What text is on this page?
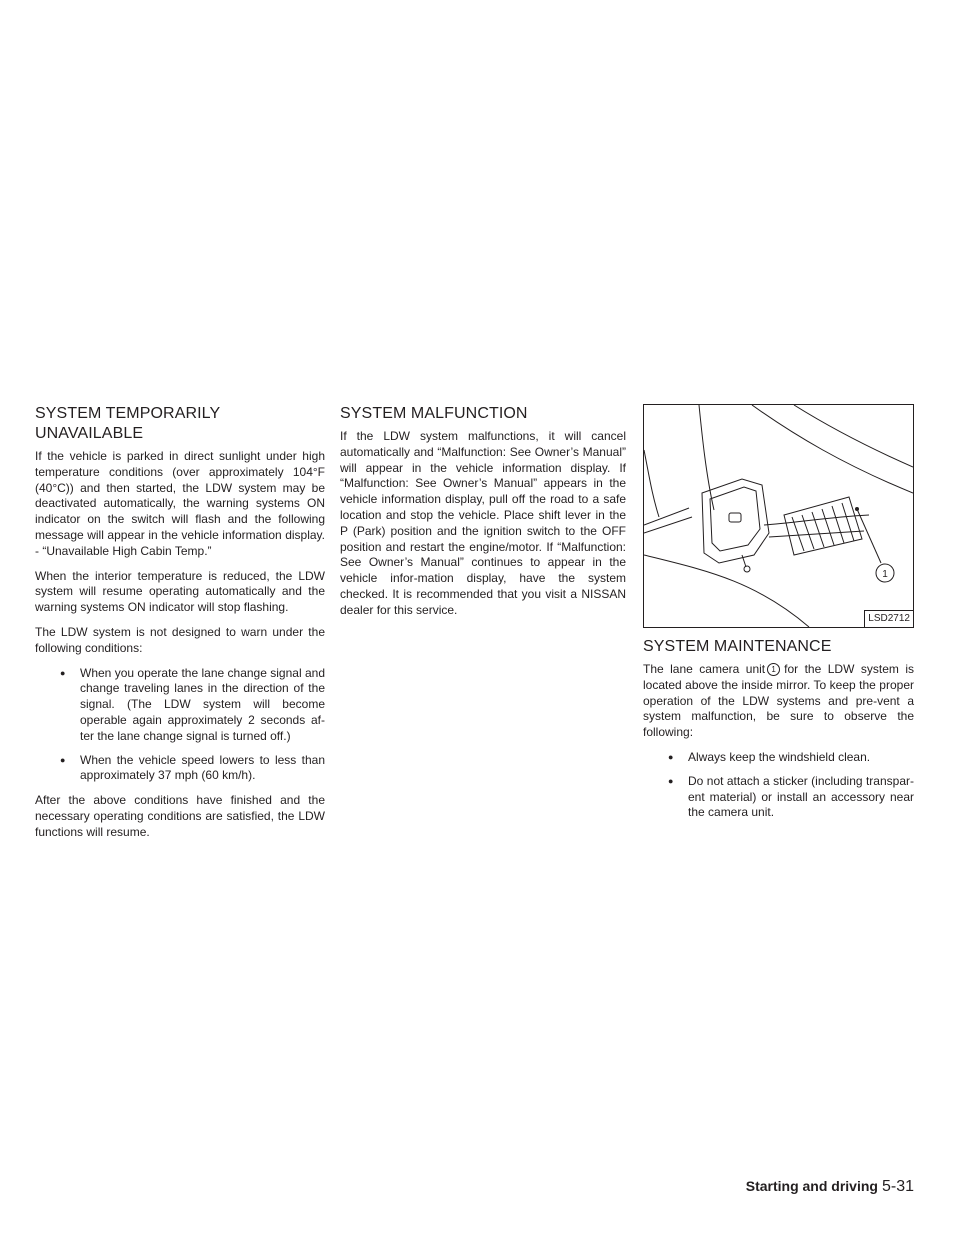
SYSTEM TEMPORARILY UNAVAILABLE

If the vehicle is parked in direct sunlight under high temperature conditions (over approximately 104°F (40°C)) and then started, the LDW system may be deactivated automatically, the warning systems ON indicator on the switch will flash and the following message will appear in the vehicle information display. - “Unavailable High Cabin Temp.”

When the interior temperature is reduced, the LDW system will resume operating automatically and the warning systems ON indicator will stop flashing.

The LDW system is not designed to warn under the following conditions:

● When you operate the lane change signal and change traveling lanes in the direction of the signal. (The LDW system will become operable again approximately 2 seconds af-ter the lane change signal is turned off.)
● When the vehicle speed lowers to less than approximately 37 mph (60 km/h).

After the above conditions have finished and the necessary operating conditions are satisfied, the LDW functions will resume.

SYSTEM MALFUNCTION

If the LDW system malfunctions, it will cancel automatically and “Malfunction: See Owner’s Manual” will appear in the vehicle information display. If “Malfunction: See Owner’s Manual” appears in the vehicle information display, pull off the road to a safe location and stop the vehicle. Place shift lever in the P (Park) position and the ignition switch to the OFF position and restart the engine/motor. If “Malfunction: See Owner’s Manual” continues to appear in the vehicle infor-mation display, have the system checked. It is recommended that you visit a NISSAN dealer for this service.

1
LSD2712
SYSTEM MAINTENANCE

The lane camera unit 1 for the LDW system is located above the inside mirror. To keep the proper operation of the LDW systems and pre-vent a system malfunction, be sure to observe the following:

● Always keep the windshield clean.
● Do not attach a sticker (including transpar-ent material) or install an accessory near the camera unit.
Starting and driving 5-31
